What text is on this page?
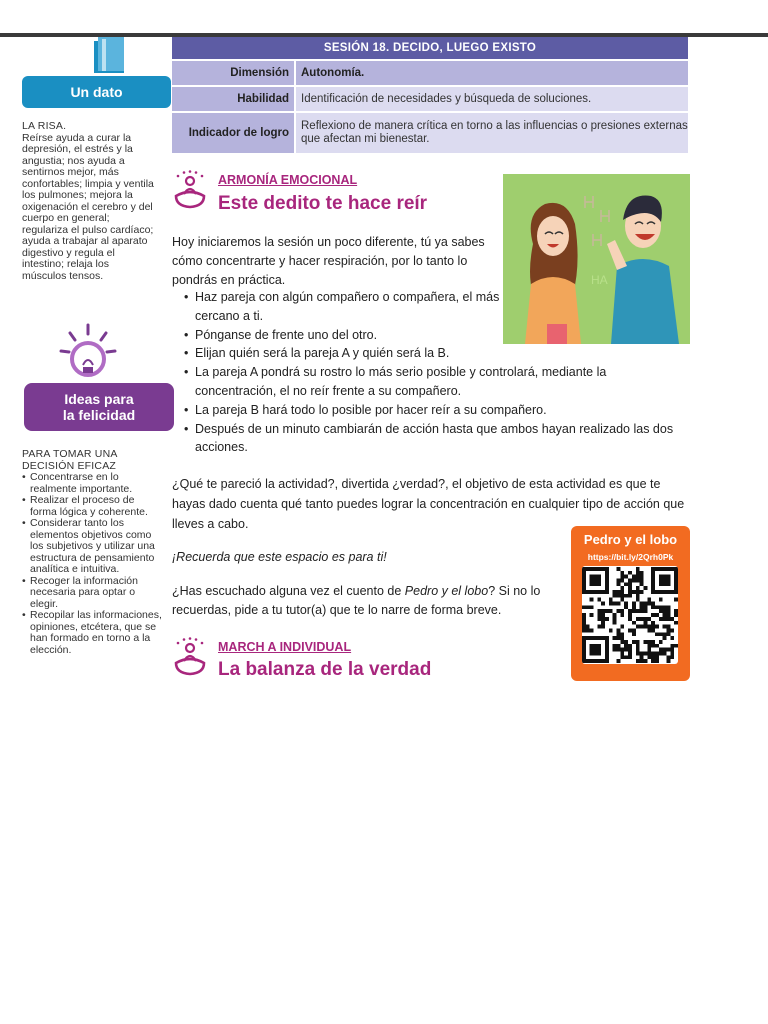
Un dato
LA RISA.
Reírse ayuda a curar la depresión, el estrés y la angustia; nos ayuda a sentirnos mejor, más confortables; limpia y ventila los pulmones; mejora la oxigenación el cerebro y del cuerpo en general; regulariza el pulso cardíaco; ayuda a trabajar al aparato digestivo y regula el intestino; relaja los músculos tensos.
Ideas para
la felicidad
PARA TOMAR UNA DECISIÓN EFICAZ
• Concentrarse en lo realmente importante.
• Realizar el proceso de forma lógica y coherente.
• Considerar tanto los elementos objetivos como los subjetivos y utilizar una estructura de pensamiento analítica e intuitiva.
• Recoger la información necesaria para optar o elegir.
• Recopilar las informaciones, opiniones, etcétera, que se han formado en torno a la elección.
SESIÓN 18. DECIDO, LUEGO EXISTO
Dimensión	Autonomía.
Habilidad	Identificación de necesidades y búsqueda de soluciones.
Indicador de logro
Reflexiono de manera crítica en torno a las influencias o presiones externas que afectan mi bienestar.
ARMONÍA EMOCIONAL
Este dedito te hace reír
HA
Hoy iniciaremos la sesión un poco diferente, tú ya sabes cómo concentrarte y hacer respiración, por lo tanto lo pondrás en práctica.
• Haz pareja con algún compañero o compañera, el más cercano a ti.
• Pónganse de frente uno del otro.
• Elijan quién será la pareja A y quién será la B.
• La pareja A pondrá su rostro lo más serio posible y controlará, mediante la concentración, el no reír frente a su compañero.
• La pareja B hará todo lo posible por hacer reír a su compañero.
• Después de un minuto cambiarán de acción hasta que ambos hayan realizado las dos acciones.
¿Qué te pareció la actividad?, divertida ¿verdad?, el objetivo de esta actividad es que te hayas dado cuenta qué tanto puedes lograr la concentración en cualquier tipo de acción que lleves a cabo.
¡Recuerda que este espacio es para ti!
¿Has escuchado alguna vez el cuento de Pedro y el lobo? Si no lo recuerdas, pide a tu tutor(a) que te lo narre de forma breve.
Pedro y el lobo
https://bit.ly/2Qrh0Pk
MARCH A INDIVIDUAL
La balanza de la verdad
